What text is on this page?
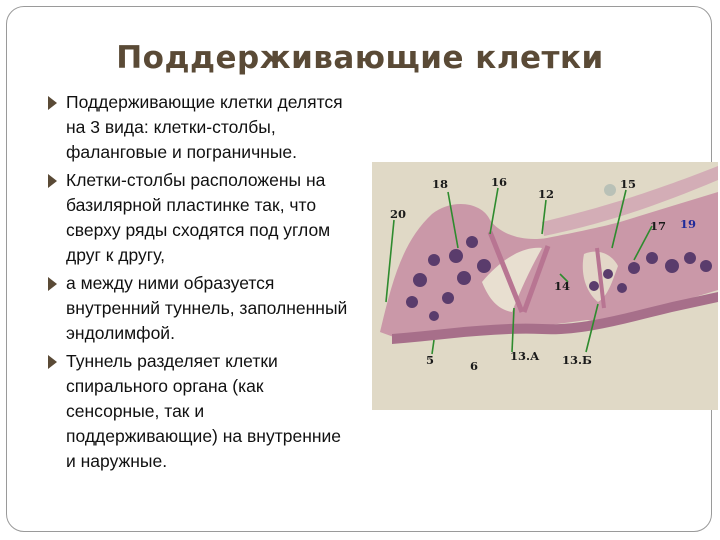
Поддерживающие клетки
Поддерживающие клетки делятся на 3 вида: клетки-столбы, фаланговые и пограничные.
Клетки-столбы расположены на базилярной пластинке так, что сверху ряды сходятся под углом друг к другу,
а между ними образуется внутренний туннель, заполненный эндолимфой.
Туннель разделяет клетки спирального органа (как сенсорные, так и поддерживающие) на внутренние и наружные.
18	16
12
15
20
17 19
14
5	6
13.А 13.Б
